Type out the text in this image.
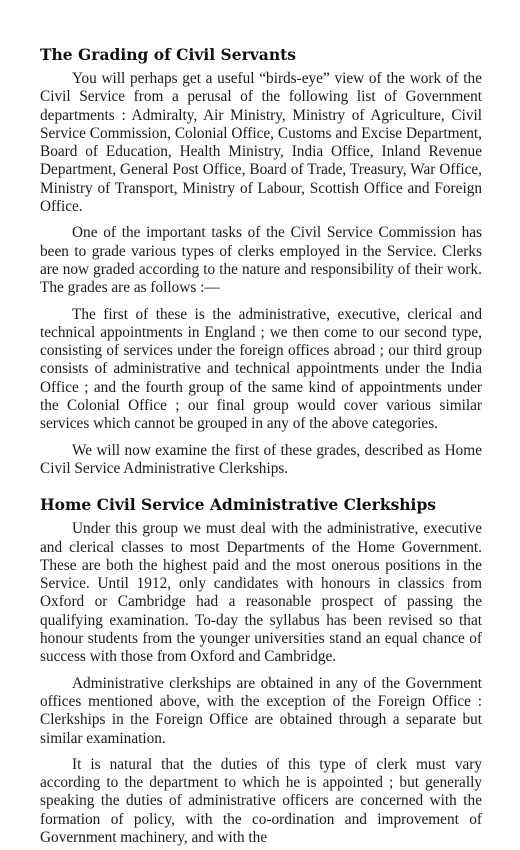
The Grading of Civil Servants

You will perhaps get a useful “birds-eye” view of the work of the Civil Service from a perusal of the following list of Government departments : Admiralty, Air Ministry, Ministry of Agriculture, Civil Service Commission, Colonial Office, Customs and Excise Department, Board of Education, Health Ministry, India Office, Inland Revenue Department, General Post Office, Board of Trade, Treasury, War Office, Ministry of Transport, Ministry of Labour, Scottish Office and Foreign Office.

One of the important tasks of the Civil Service Commission has been to grade various types of clerks employed in the Service. Clerks are now graded according to the nature and responsibility of their work. The grades are as follows :—

The first of these is the administrative, executive, clerical and technical appointments in England ; we then come to our second type, consisting of services under the foreign offices abroad ; our third group consists of administrative and technical appointments under the India Office ; and the fourth group of the same kind of appointments under the Colonial Office ; our final group would cover various similar services which cannot be grouped in any of the above categories.

We will now examine the first of these grades, described as Home Civil Service Administrative Clerkships.

Home Civil Service Administrative Clerkships

Under this group we must deal with the administrative, executive and clerical classes to most Departments of the Home Government. These are both the highest paid and the most onerous positions in the Service. Until 1912, only candidates with honours in classics from Oxford or Cambridge had a reasonable prospect of passing the qualifying examination. To-day the syllabus has been revised so that honour students from the younger universities stand an equal chance of success with those from Oxford and Cambridge.

Administrative clerkships are obtained in any of the Government offices mentioned above, with the exception of the Foreign Office : Clerkships in the Foreign Office are obtained through a separate but similar examination.

It is natural that the duties of this type of clerk must vary according to the department to which he is appointed ; but generally speaking the duties of administrative officers are concerned with the formation of policy, with the co-ordination and improvement of Government machinery, and with the
